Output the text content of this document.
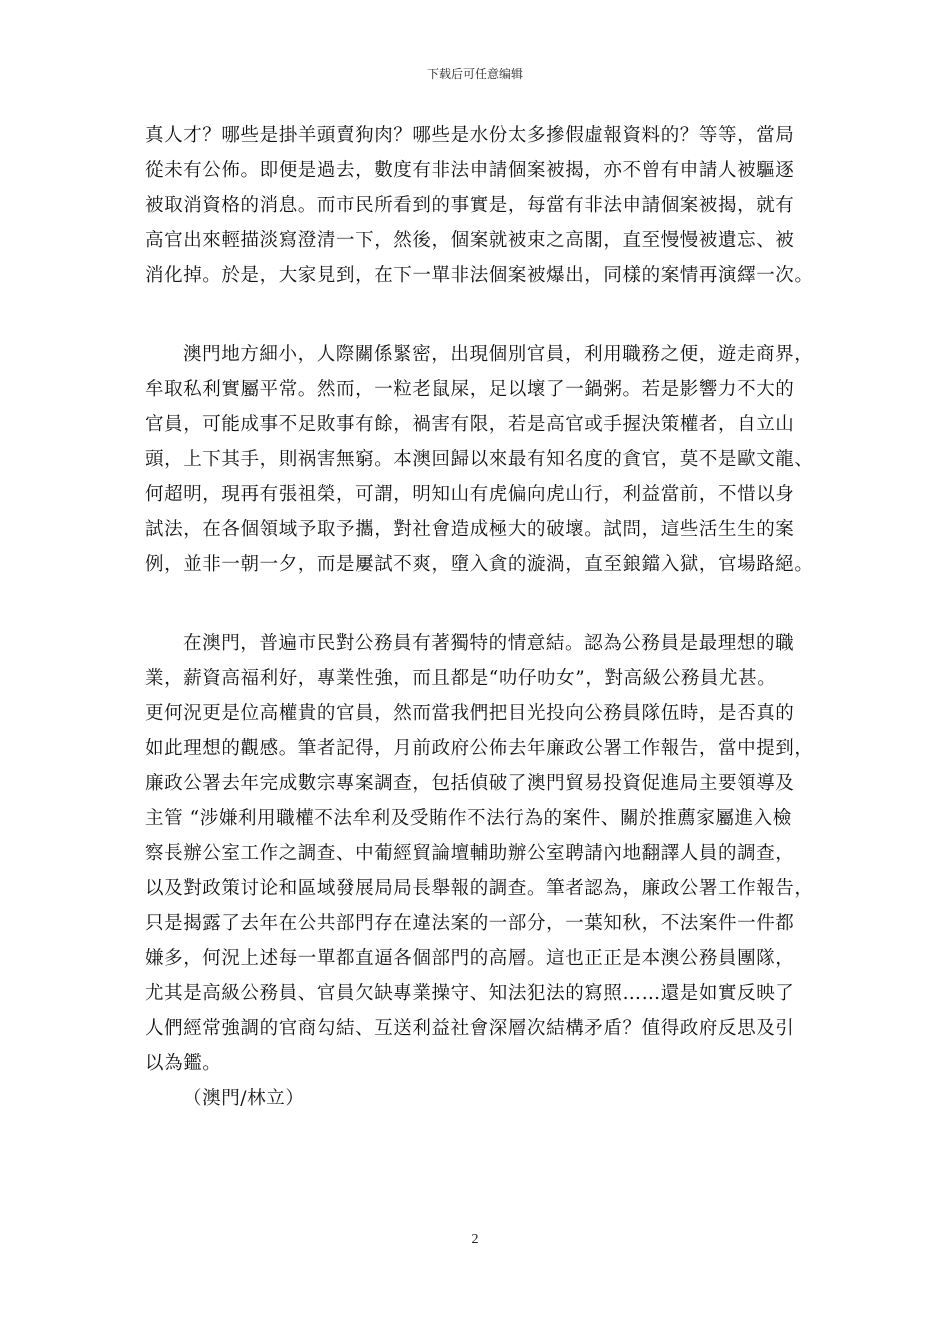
下载后可任意编辑
真人才？哪些是掛羊頭賣狗肉？哪些是水份太多摻假虛報資料的？等等，當局
從未有公佈。即便是過去，數度有非法申請個案被揭，亦不曾有申請人被驅逐
被取消資格的消息。而市民所看到的事實是，每當有非法申請個案被揭，就有
高官出來輕描淡寫澄清一下，然後，個案就被束之高閣，直至慢慢被遺忘、被
消化掉。於是，大家見到，在下一單非法個案被爆出，同樣的案情再演繹一次。
澳門地方細小，人際關係緊密，出現個別官員，利用職務之便，遊走商界，
牟取私利實屬平常。然而，一粒老鼠屎，足以壞了一鍋粥。若是影響力不大的
官員，可能成事不足敗事有餘，禍害有限，若是高官或手握決策權者，自立山
頭，上下其手，則祸害無窮。本澳回歸以來最有知名度的貪官，莫不是歐文龍、
何超明，現再有張祖榮，可謂，明知山有虎偏向虎山行，利益當前，不惜以身
試法，在各個領域予取予攜，對社會造成極大的破壞。試問，這些活生生的案
例，並非一朝一夕，而是屢試不爽，墮入貪的漩渦，直至鋃鐺入獄，官場路絕。
在澳門，普遍市民對公務員有著獨特的情意結。認為公務員是最理想的職
業，薪資高福利好，專業性強，而且都是“叻仔叻女”，對高級公務員尤甚。
更何況更是位高權貴的官員，然而當我們把目光投向公務員隊伍時，是否真的
如此理想的觀感。筆者記得，月前政府公佈去年廉政公署工作報告，當中提到，
廉政公署去年完成數宗專案調查，包括偵破了澳門貿易投資促進局主要領導及
主管 “涉嫌利用職權不法牟利及受賄作不法行為的案件、關於推薦家屬進入檢
察長辦公室工作之調查、中葡經貿論壇輔助辦公室聘請內地翻譯人員的調查，
以及對政策讨论和區域發展局局長舉報的調查。筆者認為，廉政公署工作報告，
只是揭露了去年在公共部門存在違法案的一部分，一葉知秋，不法案件一件都
嫌多，何況上述每一單都直逼各個部門的高層。這也正正是本澳公務員團隊，
尤其是高級公務員、官員欠缺專業操守、知法犯法的寫照……還是如實反映了
人們經常強調的官商勾結、互送利益社會深層次結構矛盾？值得政府反思及引
以為鑑。
（澳門/林立）
2
